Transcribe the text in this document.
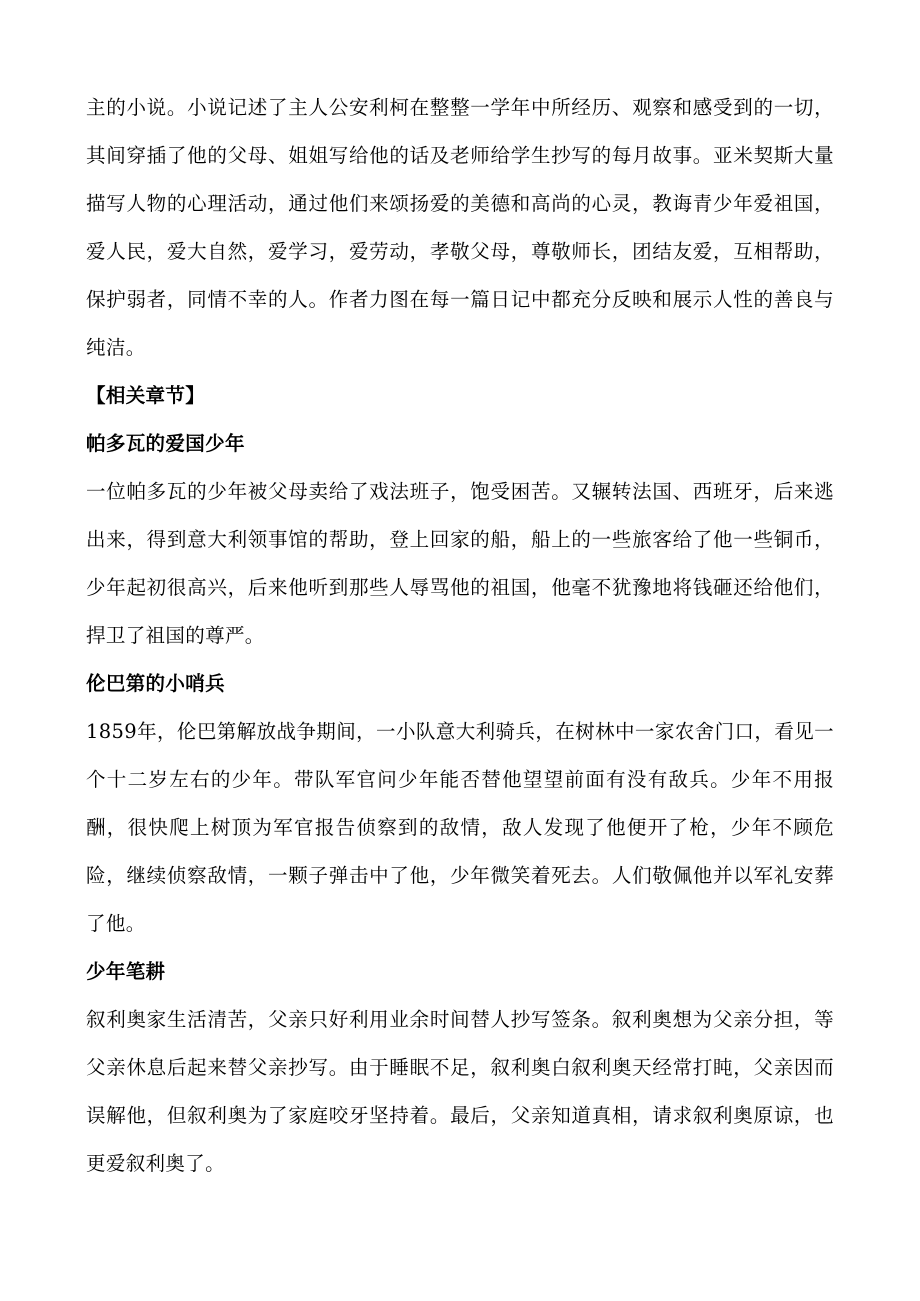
主的小说。小说记述了主人公安利柯在整整一学年中所经历、观察和感受到的一切，其间穿插了他的父母、姐姐写给他的话及老师给学生抄写的每月故事。亚米契斯大量描写人物的心理活动，通过他们来颂扬爱的美德和高尚的心灵，教诲青少年爱祖国，爱人民，爱大自然，爱学习，爱劳动，孝敬父母，尊敬师长，团结友爱，互相帮助，保护弱者，同情不幸的人。作者力图在每一篇日记中都充分反映和展示人性的善良与纯洁。

【相关章节】

帕多瓦的爱国少年

一位帕多瓦的少年被父母卖给了戏法班子，饱受困苦。又辗转法国、西班牙，后来逃出来，得到意大利领事馆的帮助，登上回家的船，船上的一些旅客给了他一些铜币，少年起初很高兴，后来他听到那些人辱骂他的祖国，他毫不犹豫地将钱砸还给他们，捍卫了祖国的尊严。

伦巴第的小哨兵

1859年，伦巴第解放战争期间，一小队意大利骑兵，在树林中一家农舍门口，看见一个十二岁左右的少年。带队军官问少年能否替他望望前面有没有敌兵。少年不用报酬，很快爬上树顶为军官报告侦察到的敌情，敌人发现了他便开了枪，少年不顾危险，继续侦察敌情，一颗子弹击中了他，少年微笑着死去。人们敬佩他并以军礼安葬了他。

少年笔耕

叙利奥家生活清苦，父亲只好利用业余时间替人抄写签条。叙利奥想为父亲分担，等父亲休息后起来替父亲抄写。由于睡眠不足，叙利奥白叙利奥天经常打盹，父亲因而误解他，但叙利奥为了家庭咬牙坚持着。最后，父亲知道真相，请求叙利奥原谅，也更爱叙利奥了。
